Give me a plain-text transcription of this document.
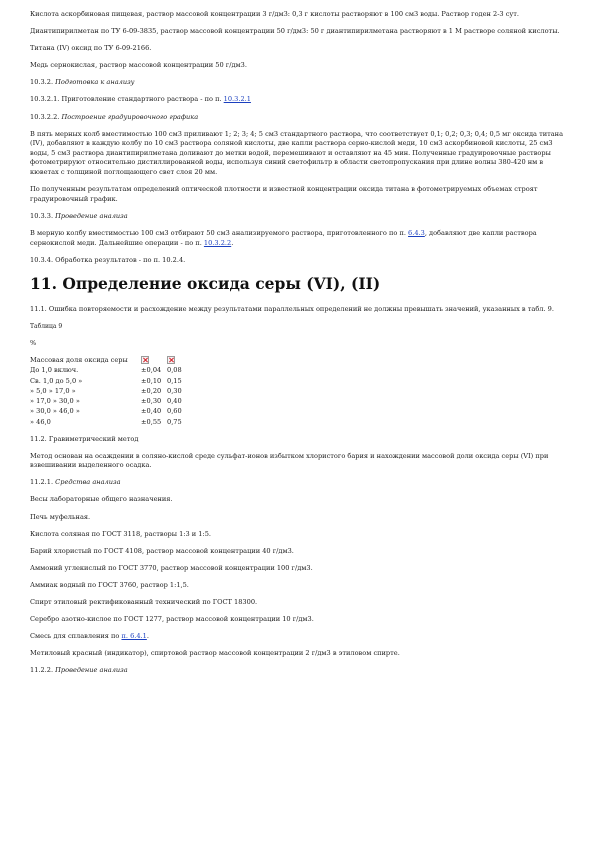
Кислота аскорбиновая пищевая, раствор массовой концентрации 3 г/дм3: 0,3 г кислоты растворяют в 100 см3 воды. Раствор годен 2-3 сут.

Диантипирилметан по ТУ 6-09-3835, раствор массовой концентрации 50 г/дм3: 50 г диантипирилметана растворяют в 1 М растворе соляной кислоты.

Титана (IV) оксид по ТУ 6-09-2166.

Медь сернокислая, раствор массовой концентрации 50 г/дм3.

10.3.2. Подготовка к анализу

10.3.2.1. Приготовление стандартного раствора - по п. 10.3.2.1

10.3.2.2. Построение градуировочного графика

В пять мерных колб вместимостью 100 см3 приливают 1; 2; 3; 4; 5 см3 стандартного раствора, что соответствует 0,1; 0,2; 0,3; 0,4; 0,5 мг оксида титана (IV), добавляют в каждую колбу по 10 см3 раствора соляной кислоты, две капли раствора серно-кислой меди, 10 см3 аскорбиновой кислоты, 25 см3 воды, 5 см3 раствора диантипирилметана доливают до метки водой, перемешивают и оставляют на 45 мин. Полученные градуировочные растворы фотометрируют относительно дистиллированной воды, используя синий светофильтр в области светопропускания при длине волны 380-420 нм в кюветах с толщиной поглощающего свет слоя 20 мм.

По полученным результатам определений оптической плотности и известной концентрации оксида титана в фотометрируемых объемах строят градуировочный график.

10.3.3. Проведение анализа

В мерную колбу вместимостью 100 см3 отбирают 50 см3 анализируемого раствора, приготовленного по п. 6.4.3, добавляют две капли раствора сернокислой меди. Дальнейшие операции - по п. 10.3.2.2.

10.3.4. Обработка результатов - по п. 10.2.4.

11. Определение оксида серы (VI), (II)

11.1. Ошибка повторяемости и расхождение между результатами параллельных определений не должны превышать значений, указанных в табл. 9.

Таблица 9

%

Массовая доля оксида серы		
До 1,0 включ.	±0,04	0,08
Св. 1,0 до 5,0 »	±0,10	0,15
» 5,0 » 17,0 »	±0,20	0,30
» 17,0 » 30,0 »	±0,30	0,40
» 30,0 » 46,0 »	±0,40	0,60
» 46,0	±0,55	0,75

11.2. Гравиметрический метод

Метод основан на осаждении в соляно-кислой среде сульфат-ионов избытком хлористого бария и нахождении массовой доли оксида серы (VI) при взвешивании выделенного осадка.

11.2.1. Средства анализа

Весы лабораторные общего назначения.

Печь муфельная.

Кислота соляная по ГОСТ 3118, растворы 1:3 и 1:5.

Барий хлористый по ГОСТ 4108, раствор массовой концентрации 40 г/дм3.

Аммоний углекислый по ГОСТ 3770, раствор массовой концентрации 100 г/дм3.

Аммиак водный по ГОСТ 3760, раствор 1:1,5.

Спирт этиловый ректификованный технический по ГОСТ 18300.

Серебро азотно-кислое по ГОСТ 1277, раствор массовой концентрации 10 г/дм3.

Смесь для сплавления по п. 6.4.1.

Метиловый красный (индикатор), спиртовой раствор массовой концентрации 2 г/дм3 в этиловом спирте.

11.2.2. Проведение анализа
